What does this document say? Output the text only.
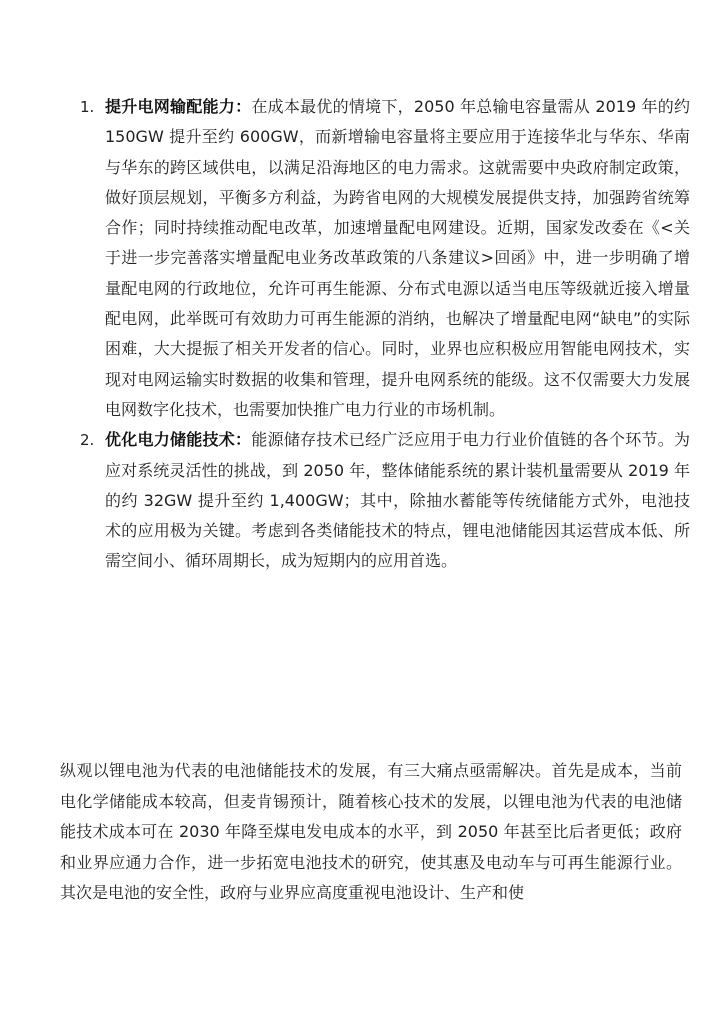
1. 提升电网输配能力：在成本最优的情境下，2050 年总输电容量需从 2019 年的约 150GW 提升至约 600GW，而新增输电容量将主要应用于连接华北与华东、华南与华东的跨区域供电，以满足沿海地区的电力需求。这就需要中央政府制定政策，做好顶层规划，平衡多方利益，为跨省电网的大规模发展提供支持，加强跨省统筹合作；同时持续推动配电改革，加速增量配电网建设。近期，国家发改委在《<关于进一步完善落实增量配电业务改革政策的八条建议>回函》中，进一步明确了增量配电网的行政地位，允许可再生能源、分布式电源以适当电压等级就近接入增量配电网，此举既可有效助力可再生能源的消纳，也解决了增量配电网“缺电”的实际困难，大大提振了相关开发者的信心。同时，业界也应积极应用智能电网技术，实现对电网运输实时数据的收集和管理，提升电网系统的能级。这不仅需要大力发展电网数字化技术，也需要加快推广电力行业的市场机制。
2. 优化电力储能技术：能源储存技术已经广泛应用于电力行业价值链的各个环节。为应对系统灵活性的挑战，到 2050 年，整体储能系统的累计装机量需要从 2019 年的约 32GW 提升至约 1,400GW；其中，除抽水蓄能等传统储能方式外，电池技术的应用极为关键。考虑到各类储能技术的特点，锂电池储能因其运营成本低、所需空间小、循环周期长，成为短期内的应用首选。

纵观以锂电池为代表的电池储能技术的发展，有三大痛点亟需解决。首先是成本，当前电化学储能成本较高，但麦肯锡预计，随着核心技术的发展，以锂电池为代表的电池储能技术成本可在 2030 年降至煤电发电成本的水平，到 2050 年甚至比后者更低；政府和业界应通力合作，进一步拓宽电池技术的研究，使其惠及电动车与可再生能源行业。其次是电池的安全性，政府与业界应高度重视电池设计、生产和使
